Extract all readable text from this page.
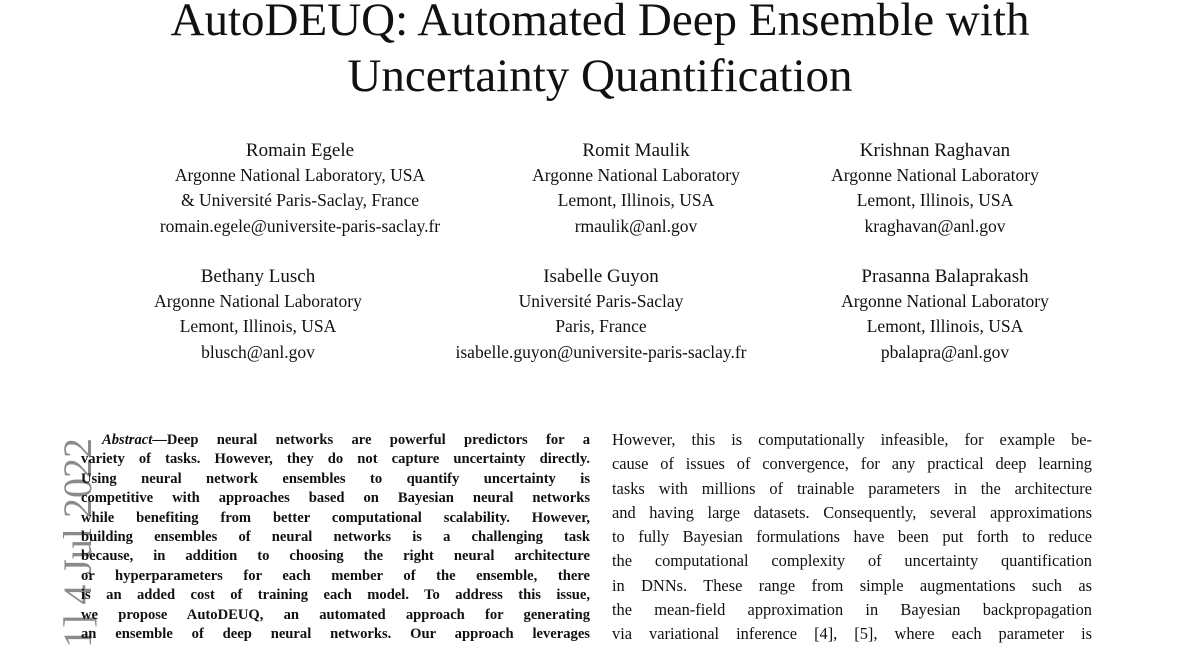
AutoDEUQ: Automated Deep Ensemble with
Uncertainty Quantification
Romain Egele
Argonne National Laboratory, USA
& Université Paris-Saclay, France
romain.egele@universite-paris-saclay.fr
Romit Maulik
Argonne National Laboratory
Lemont, Illinois, USA
rmaulik@anl.gov
Krishnan Raghavan
Argonne National Laboratory
Lemont, Illinois, USA
kraghavan@anl.gov
Bethany Lusch
Argonne National Laboratory
Lemont, Illinois, USA
blusch@anl.gov
Isabelle Guyon
Université Paris-Saclay
Paris, France
isabelle.guyon@universite-paris-saclay.fr
Prasanna Balaprakash
Argonne National Laboratory
Lemont, Illinois, USA
pbalapra@anl.gov
1] 4 Jul 2022 Abstract—Deep neural networks are powerful predictors for a
variety of tasks. However, they do not capture uncertainty directly.
Using neural network ensembles to quantify uncertainty is
competitive with approaches based on Bayesian neural networks
while benefiting from better computational scalability. However,
building ensembles of neural networks is a challenging task
because, in addition to choosing the right neural architecture
or hyperparameters for each member of the ensemble, there
is an added cost of training each model. To address this issue,
we propose AutoDEUQ, an automated approach for generating
an ensemble of deep neural networks. Our approach leverages
However, this is computationally infeasible, for example be-
cause of issues of convergence, for any practical deep learning
tasks with millions of trainable parameters in the architecture
and having large datasets. Consequently, several approximations
to fully Bayesian formulations have been put forth to reduce
the computational complexity of uncertainty quantification
in DNNs. These range from simple augmentations such as
the mean-field approximation in Bayesian backpropagation
via variational inference [4], [5], where each parameter is
